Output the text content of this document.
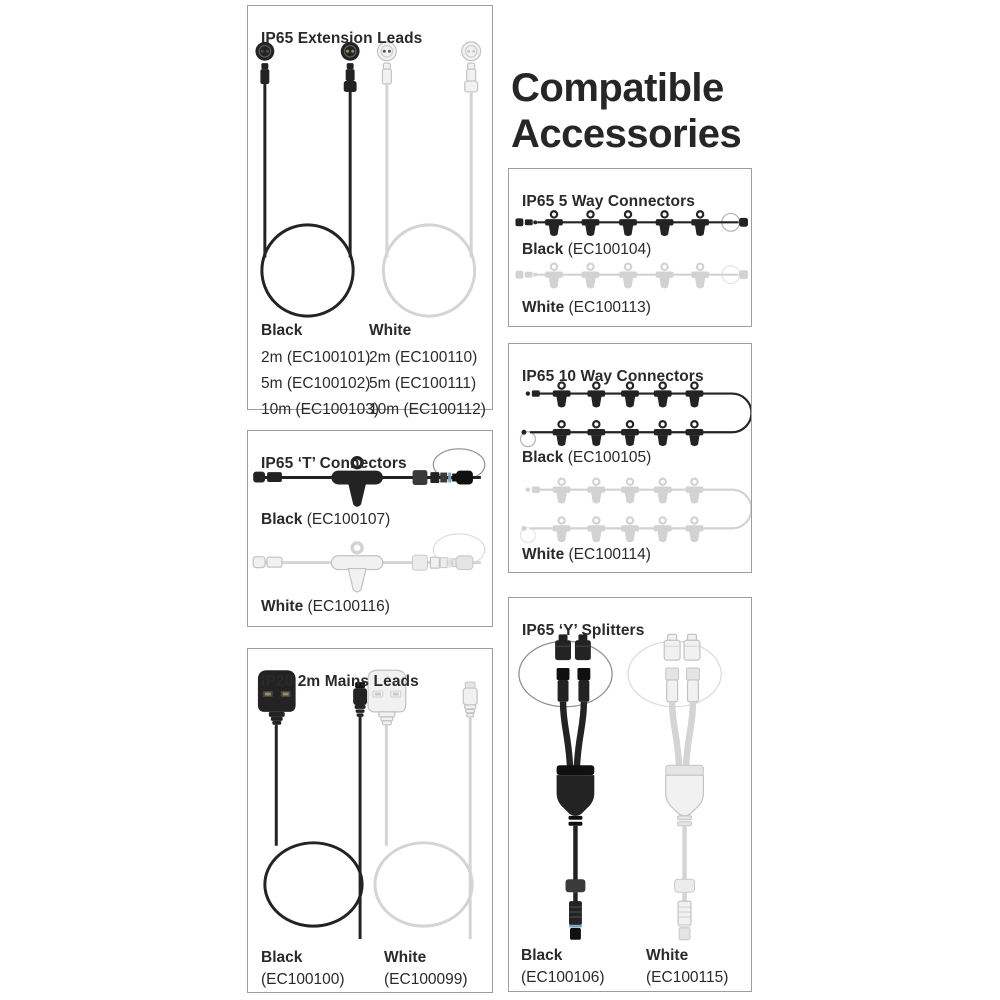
Compatible Accessories
IP65 Extension Leads
Black
2m (EC100101)
5m (EC100102)
10m (EC100103)
White
2m (EC100110)
5m (EC100111)
10m (EC100112)
IP65 ‘T’ Connectors
Black (EC100107)
White (EC100116)
IP20 2m Mains Leads
Black
(EC100100)
White
(EC100099)
IP65 5 Way Connectors
Black (EC100104)
White (EC100113)
IP65 10 Way Connectors
Black (EC100105)
White (EC100114)
IP65 ‘Y’ Splitters
Black
(EC100106)
White
(EC100115)
